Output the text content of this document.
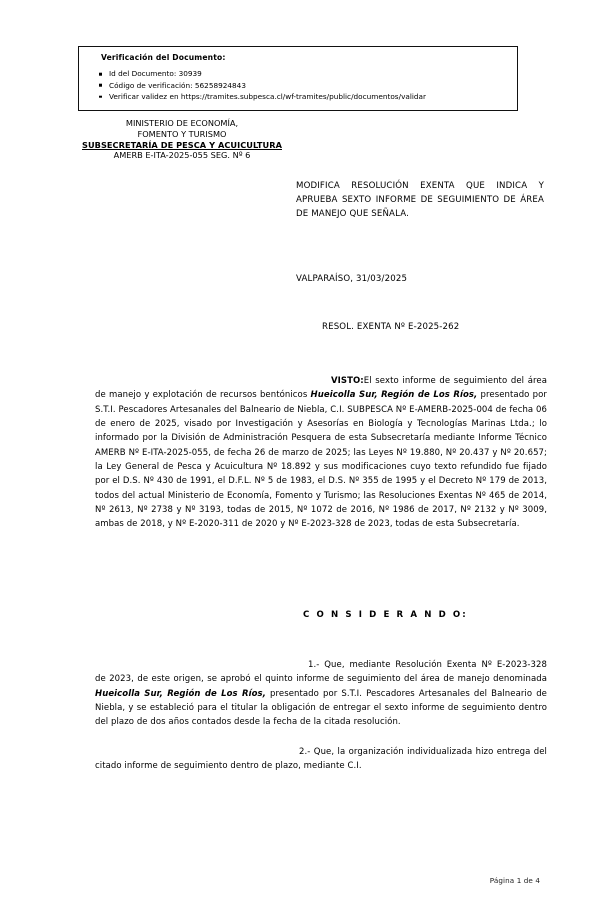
Verificación del Documento:
Id del Documento: 30939
Código de verificación: 56258924843
Verificar validez en https://tramites.subpesca.cl/wf-tramites/public/documentos/validar
MINISTERIO DE ECONOMÍA,
FOMENTO Y TURISMO
SUBSECRETARÍA DE PESCA Y ACUICULTURA
AMERB E-ITA-2025-055 SEG. Nº 6
MODIFICA RESOLUCIÓN EXENTA QUE INDICA Y APRUEBA SEXTO INFORME DE SEGUIMIENTO DE ÁREA DE MANEJO QUE SEÑALA.
VALPARAÍSO, 31/03/2025
RESOL. EXENTA Nº E-2025-262

VISTO:El sexto informe de seguimiento del área de manejo y explotación de recursos bentónicos Hueicolla Sur, Región de Los Ríos, presentado por S.T.I. Pescadores Artesanales del Balneario de Niebla, C.I. SUBPESCA Nº E-AMERB-2025-004 de fecha 06 de enero de 2025, visado por Investigación y Asesorías en Biología y Tecnologías Marinas Ltda.; lo informado por la División de Administración Pesquera de esta Subsecretaría mediante Informe Técnico AMERB Nº E-ITA-2025-055, de fecha 26 de marzo de 2025; las Leyes Nº 19.880, Nº 20.437 y Nº 20.657; la Ley General de Pesca y Acuicultura Nº 18.892 y sus modificaciones cuyo texto refundido fue fijado por el D.S. Nº 430 de 1991, el D.F.L. Nº 5 de 1983, el D.S. Nº 355 de 1995 y el Decreto Nº 179 de 2013, todos del actual Ministerio de Economía, Fomento y Turismo; las Resoluciones Exentas Nº 465 de 2014, Nº 2613, Nº 2738 y Nº 3193, todas de 2015, Nº 1072 de 2016, Nº 1986 de 2017, Nº 2132 y Nº 3009, ambas de 2018, y Nº E-2020-311 de 2020 y Nº E-2023-328 de 2023, todas de esta Subsecretaría.

C O N S I D E R A N D O:

1.- Que, mediante Resolución Exenta Nº E-2023-328 de 2023, de este origen, se aprobó el quinto informe de seguimiento del área de manejo denominada Hueicolla Sur, Región de Los Ríos, presentado por S.T.I. Pescadores Artesanales del Balneario de Niebla, y se estableció para el titular la obligación de entregar el sexto informe de seguimiento dentro del plazo de dos años contados desde la fecha de la citada resolución.

2.- Que, la organización individualizada hizo entrega del citado informe de seguimiento dentro de plazo, mediante C.I.

Página 1 de 4
